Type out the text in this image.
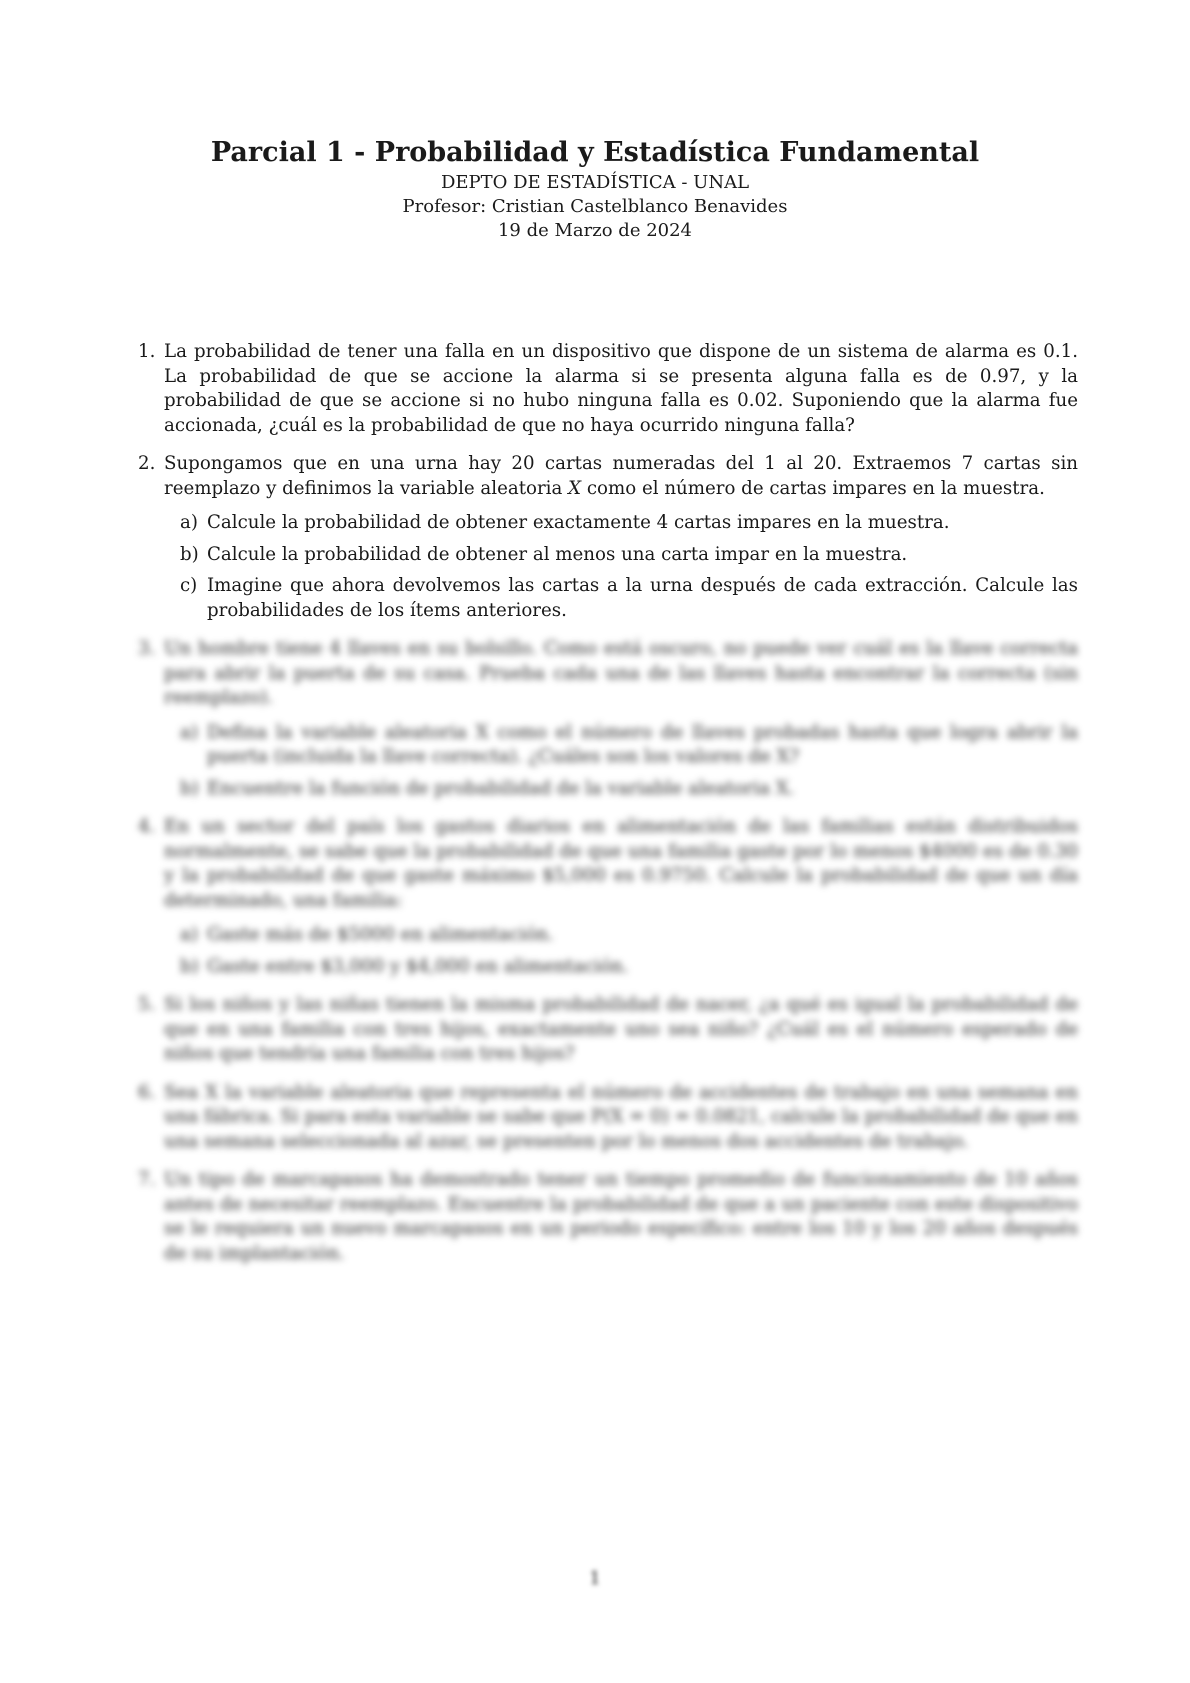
Parcial 1 - Probabilidad y Estadística Fundamental

DEPTO DE ESTADÍSTICA - UNAL

Profesor: Cristian Castelblanco Benavides

19 de Marzo de 2024

1. La probabilidad de tener una falla en un dispositivo que dispone de un sistema de alarma es 0.1. La probabilidad de que se accione la alarma si se presenta alguna falla es de 0.97, y la probabilidad de que se accione si no hubo ninguna falla es 0.02. Suponiendo que la alarma fue accionada, ¿cuál es la probabilidad de que no haya ocurrido ninguna falla?
2. Supongamos que en una urna hay 20 cartas numeradas del 1 al 20. Extraemos 7 cartas sin reemplazo y definimos la variable aleatoria X como el número de cartas impares en la muestra.
a) Calcule la probabilidad de obtener exactamente 4 cartas impares en la muestra.
b) Calcule la probabilidad de obtener al menos una carta impar en la muestra.
c) Imagine que ahora devolvemos las cartas a la urna después de cada extracción. Calcule las probabilidades de los ítems anteriores.
3. Un hombre tiene 4 llaves en su bolsillo. Como está oscuro, no puede ver cuál es la llave correcta para abrir la puerta de su casa. Prueba cada una de las llaves hasta encontrar la correcta (sin reemplazo).
a) Defina la variable aleatoria X como el número de llaves probadas hasta que logra abrir la puerta (incluida la llave correcta). ¿Cuáles son los valores de X?
b) Encuentre la función de probabilidad de la variable aleatoria X.
4. En un sector del país los gastos diarios en alimentación de las familias están distribuidos normalmente, se sabe que la probabilidad de que una familia gaste por lo menos $4000 es de 0.30 y la probabilidad de que gaste máximo $5,000 es 0.9750. Calcule la probabilidad de que un día determinado, una familia:
a) Gaste más de $5000 en alimentación.
b) Gaste entre $3,000 y $4,000 en alimentación.
5. Si los niños y las niñas tienen la misma probabilidad de nacer, ¿a qué es igual la probabilidad de que en una familia con tres hijos, exactamente uno sea niño? ¿Cuál es el número esperado de niños que tendría una familia con tres hijos?
6. Sea X la variable aleatoria que representa el número de accidentes de trabajo en una semana en una fábrica. Si para esta variable se sabe que P(X = 0) = 0.0821, calcule la probabilidad de que en una semana seleccionada al azar, se presenten por lo menos dos accidentes de trabajo.
7. Un tipo de marcapasos ha demostrado tener un tiempo promedio de funcionamiento de 10 años antes de necesitar reemplazo. Encuentre la probabilidad de que a un paciente con este dispositivo se le requiera un nuevo marcapasos en un periodo específico: entre los 10 y los 20 años después de su implantación.
1
